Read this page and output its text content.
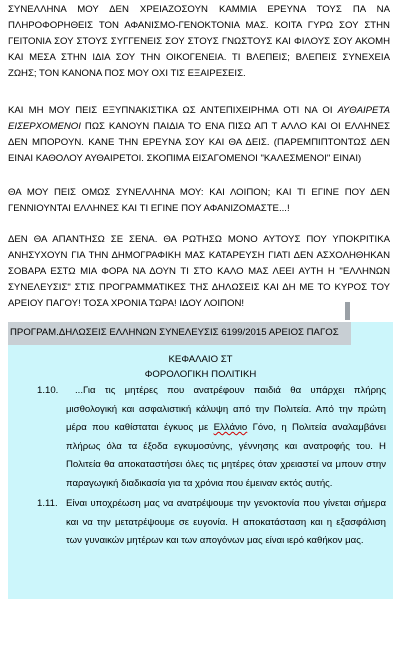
ΣΥΝΕΛΛΗΝΑ ΜΟΥ ΔΕΝ ΧΡΕΙΑΖΟΣΟΥΝ ΚΑΜΜΙΑ ΕΡΕΥΝΑ ΤΟΥΣ ΠΑ ΝΑ ΠΛΗΡΟΦΟΡΗΘΕΙΣ ΤΟΝ ΑΦΑΝΙΣΜΟ-ΓΕΝΟΚΤΟΝΙΑ ΜΑΣ. ΚΟΙΤΑ ΓΥΡΩ ΣΟΥ ΣΤΗΝ ΓΕΙΤΟΝΙΑ ΣΟΥ ΣΤΟΥΣ ΣΥΓΓΕΝΕΙΣ ΣΟΥ ΣΤΟΥΣ ΓΝΩΣΤΟΥΣ ΚΑΙ ΦΙΛΟΥΣ ΣΟΥ ΑΚΟΜΗ ΚΑΙ ΜΕΣΑ ΣΤΗΝ ΙΔΙΑ ΣΟΥ ΤΗΝ ΟΙΚΟΓΕΝΕΙΑ. ΤΙ ΒΛΕΠΕΙΣ; ΒΛΕΠΕΙΣ ΣΥΝΕΧΕΙΑ ΖΩΗΣ; ΤΟΝ ΚΑΝΟΝΑ ΠΟΣ ΜΟΥ ΟΧΙ ΤΙΣ ΕΞΑΙΡΕΣΕΙΣ.
ΚΑΙ ΜΗ ΜΟΥ ΠΕΙΣ ΕΞΥΠΝΑΚΙΣΤΙΚΑ ΩΣ ΑΝΤΕΠΙΧΕΙΡΗΜΑ ΟΤΙ ΝΑ ΟΙ ΑΥΘΑΙΡΕΤΑ ΕΙΣΕΡΧΟΜΕΝΟΙ ΠΩΣ ΚΑΝΟΥΝ ΠΑΙΔΙΑ ΤΟ ΕΝΑ ΠΙΣΩ ΑΠ Τ ΑΛΛΟ ΚΑΙ ΟΙ ΕΛΛΗΝΕΣ ΔΕΝ ΜΠΟΡΟΥΝ. ΚΑΝΕ ΤΗΝ ΕΡΕΥΝΑ ΣΟΥ ΚΑΙ ΘΑ ΔΕΙΣ. (ΠΑΡΕΜΠΙΠΤΟΝΤΩΣ ΔΕΝ ΕΙΝΑΙ ΚΑΘΟΛΟΥ ΑΥΘΑΙΡΕΤΟΙ. ΣΚΟΠΙΜΑ ΕΙΣΑΓΟΜΕΝΟΙ "ΚΑΛΕΣΜΕΝΟΙ" ΕΙΝΑΙ)
ΘΑ ΜΟΥ ΠΕΙΣ ΟΜΩΣ ΣΥΝΕΛΛΗΝΑ ΜΟΥ: ΚΑΙ ΛΟΙΠΟΝ; ΚΑΙ ΤΙ ΕΓΙΝΕ ΠΟΥ ΔΕΝ ΓΕΝΝΙΟΥΝΤΑΙ ΕΛΛΗΝΕΣ ΚΑΙ ΤΙ ΕΓΙΝΕ ΠΟΥ ΑΦΑΝΙΖΟΜΑΣΤΕ...!
ΔΕΝ ΘΑ ΑΠΑΝΤΗΣΩ ΣΕ ΣΕΝΑ. ΘΑ ΡΩΤΗΣΩ ΜΟΝΟ ΑΥΤΟΥΣ ΠΟΥ ΥΠΟΚΡΙΤΙΚΑ ΑΝΗΣΥΧΟΥΝ ΓΙΑ ΤΗΝ ΔΗΜΟΓΡΑΦΙΚΗ ΜΑΣ ΚΑΤΑΡΕΥΣΗ ΓΙΑΤΙ ΔΕΝ ΑΣΧΟΛΗΘΗΚΑΝ ΣΟΒΑΡΑ ΕΣΤΩ ΜΙΑ ΦΟΡΑ ΝΑ ΔΟΥΝ ΤΙ ΣΤΟ ΚΑΛΟ ΜΑΣ ΛΕΕΙ ΑΥΤΗ Η "ΕΛΛΗΝΩΝ ΣΥΝΕΛΕΥΣΙΣ" ΣΤΙΣ ΠΡΟΓΡΑΜΜΑΤΙΚΕΣ ΤΗΣ ΔΗΛΩΣΕΙΣ ΚΑΙ ΔΗ ΜΕ ΤΟ ΚΥΡΟΣ ΤΟΥ ΑΡΕΙΟΥ ΠΑΓΟΥ! ΤΟΣΑ ΧΡΟΝΙΑ ΤΩΡΑ! ΙΔΟΥ ΛΟΙΠΟΝ!
ΠΡΟΓΡΑΜ.ΔΗΛΩΣΕΙΣ ΕΛΛΗΝΩΝ ΣΥΝΕΛΕΥΣΙΣ 6199/2015 ΑΡΕΙΟΣ ΠΑΓΟΣ
ΚΕΦΑΛΑΙΟ ΣΤ
ΦΟΡΟΛΟΓΙΚΗ ΠΟΛΙΤΙΚΗ
1.10.	...Για τις μητέρες που ανατρέφουν παιδιά θα υπάρχει πλήρης μισθολογική και ασφαλιστική κάλυψη από την Πολιτεία. Από την πρώτη μέρα που καθίσταται έγκυος με Ελλάνιο Γόνο, η Πολιτεία αναλαμβάνει πλήρως όλα τα έξοδα εγκυμοσύνης, γέννησης και ανατροφής του. Η Πολιτεία θα αποκαταστήσει όλες τις μητέρες όταν χρειαστεί να μπουν στην παραγωγική διαδικασία για τα χρόνια που έμειναν εκτός αυτής.
1.11. Είναι υποχρέωση μας να ανατρέψουμε την γενοκτονία που γίνεται σήμερα και να την μετατρέψουμε σε ευγονία. Η αποκατάσταση και η εξασφάλιση των γυναικών μητέρων και των απογόνων μας είναι ιερό καθήκον μας.
